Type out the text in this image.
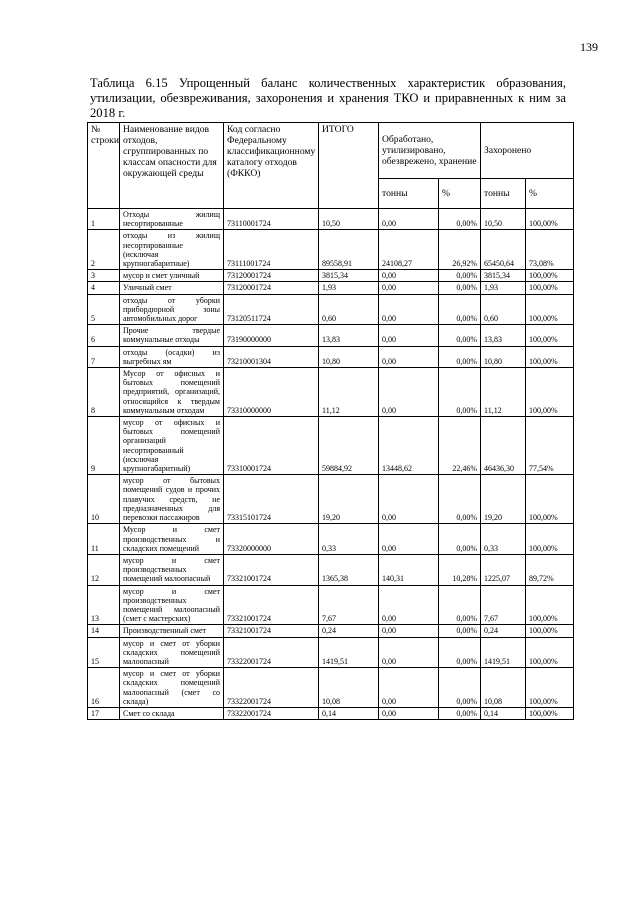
139
Таблица 6.15 Упрощенный баланс количественных характеристик образования, утилизации, обезвреживания, захоронения и хранения ТКО и приравненных к ним за 2018 г.
№ строки	Наименование видов отходов, сгруппированных по классам опасности для окружающей среды	Код согласно Федеральному классификационному каталогу отходов (ФККО)	ИТОГО	Обработано, утилизировано, обезврежено, хранение		Захоронено	
				тонны	%	тонны	%
1	Отходы жилищ несортированные	73110001724	10,50	0,00	0,00%	10,50	100,00%
2	отходы из жилищ несортированные (исключая крупногабаритные)	73111001724	89558,91	24108,27	26,92%	65450,64	73,08%
3	мусор и смет уличный	73120001724	3815,34	0,00	0,00%	3815,34	100,00%
4	Уличный смет	73120001724	1,93	0,00	0,00%	1,93	100,00%
5	отходы от уборки прибордюрной зоны автомобильных дорог	73120511724	0,60	0,00	0,00%	0,60	100,00%
6	Прочие твердые коммунальные отходы	73190000000	13,83	0,00	0,00%	13,83	100,00%
7	отходы (осадки) из выгребных ям	73210001304	10,80	0,00	0,00%	10,80	100,00%
8	Мусор от офисных и бытовых помещений предприятий, организаций, относящийся к твердым коммунальным отходам	73310000000	11,12	0,00	0,00%	11,12	100,00%
9	мусор от офисных и бытовых помещений организаций несортированный (исключая крупногабаритный)	73310001724	59884,92	13448,62	22,46%	46436,30	77,54%
10	мусор от бытовых помещений судов и прочих плавучих средств, не предназначенных для перевозки пассажиров	73315101724	19,20	0,00	0,00%	19,20	100,00%
11	Мусор и смет производственных и складских помещений	73320000000	0,33	0,00	0,00%	0,33	100,00%
12	мусор и смет производственных помещений малоопасный	73321001724	1365,38	140,31	10,28%	1225,07	89,72%
13	мусор и смет производственных помещений малоопасный (смет с мастерских)	73321001724	7,67	0,00	0,00%	7,67	100,00%
14	Производственный смет	73321001724	0,24	0,00	0,00%	0,24	100,00%
15	мусор и смет от уборки складских помещений малоопасный	73322001724	1419,51	0,00	0,00%	1419,51	100,00%
16	мусор и смет от уборки складских помещений малоопасный (смет со склада)	73322001724	10,08	0,00	0,00%	10,08	100,00%
17	Смет со склада	73322001724	0,14	0,00	0,00%	0,14	100,00%
